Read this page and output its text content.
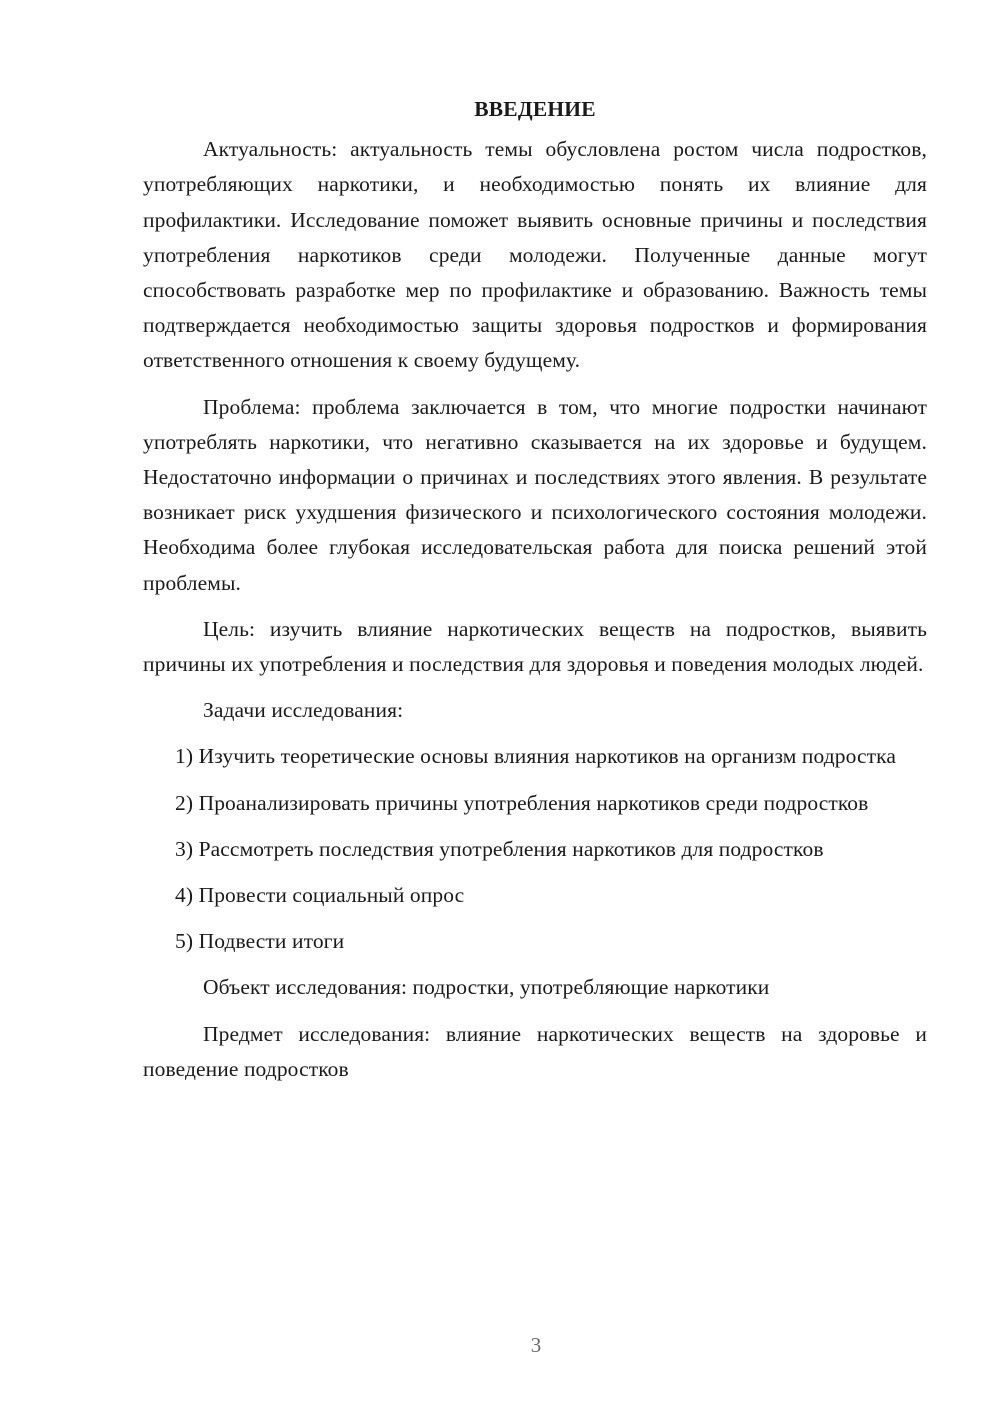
ВВЕДЕНИЕ

Актуальность: актуальность темы обусловлена ростом числа подростков, употребляющих наркотики, и необходимостью понять их влияние для профилактики. Исследование поможет выявить основные причины и последствия употребления наркотиков среди молодежи. Полученные данные могут способствовать разработке мер по профилактике и образованию. Важность темы подтверждается необходимостью защиты здоровья подростков и формирования ответственного отношения к своему будущему.

Проблема: проблема заключается в том, что многие подростки начинают употреблять наркотики, что негативно сказывается на их здоровье и будущем. Недостаточно информации о причинах и последствиях этого явления. В результате возникает риск ухудшения физического и психологического состояния молодежи. Необходима более глубокая исследовательская работа для поиска решений этой проблемы.

Цель: изучить влияние наркотических веществ на подростков, выявить причины их употребления и последствия для здоровья и поведения молодых людей.

Задачи исследования:

1) Изучить теоретические основы влияния наркотиков на организм подростка

2) Проанализировать причины употребления наркотиков среди подростков

3) Рассмотреть последствия употребления наркотиков для подростков

4) Провести социальный опрос

5) Подвести итоги

Объект исследования: подростки, употребляющие наркотики

Предмет исследования: влияние наркотических веществ на здоровье и поведение подростков

3
